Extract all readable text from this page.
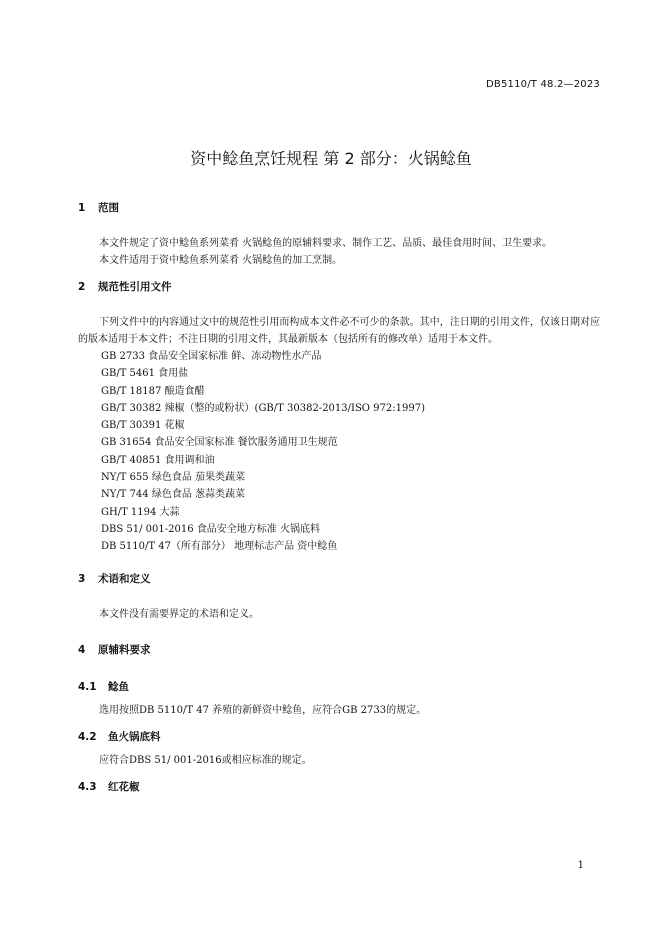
DB5110/T 48.2—2023
资中鲶鱼烹饪规程 第 2 部分：火锅鲶鱼
1 范围

本文件规定了资中鲶鱼系列菜肴 火锅鲶鱼的原辅料要求、制作工艺、品质、最佳食用时间、卫生要求。

本文件适用于资中鲶鱼系列菜肴 火锅鲶鱼的加工烹制。

2 规范性引用文件

下列文件中的内容通过文中的规范性引用而构成本文件必不可少的条款。其中，注日期的引用文件，仅该日期对应的版本适用于本文件；不注日期的引用文件，其最新版本（包括所有的修改单）适用于本文件。

GB 2733 食品安全国家标准 鲜、冻动物性水产品
GB/T 5461 食用盐
GB/T 18187 酿造食醋
GB/T 30382 辣椒（整的或粉状）(GB/T 30382-2013/ISO 972:1997)
GB/T 30391 花椒
GB 31654 食品安全国家标准 餐饮服务通用卫生规范
GB/T 40851 食用调和油
NY/T 655 绿色食品 茄果类蔬菜
NY/T 744 绿色食品 葱蒜类蔬菜
GH/T 1194 大蒜
DBS 51/ 001-2016 食品安全地方标准 火锅底料
DB 5110/T 47（所有部分） 地理标志产品 资中鲶鱼
3 术语和定义

本文件没有需要界定的术语和定义。

4 原辅料要求
4.1 鲶鱼

选用按照DB 5110/T 47 养殖的新鲜资中鲶鱼，应符合GB 2733的规定。

4.2 鱼火锅底料

应符合DBS 51/ 001-2016或相应标准的规定。

4.3 红花椒
1
